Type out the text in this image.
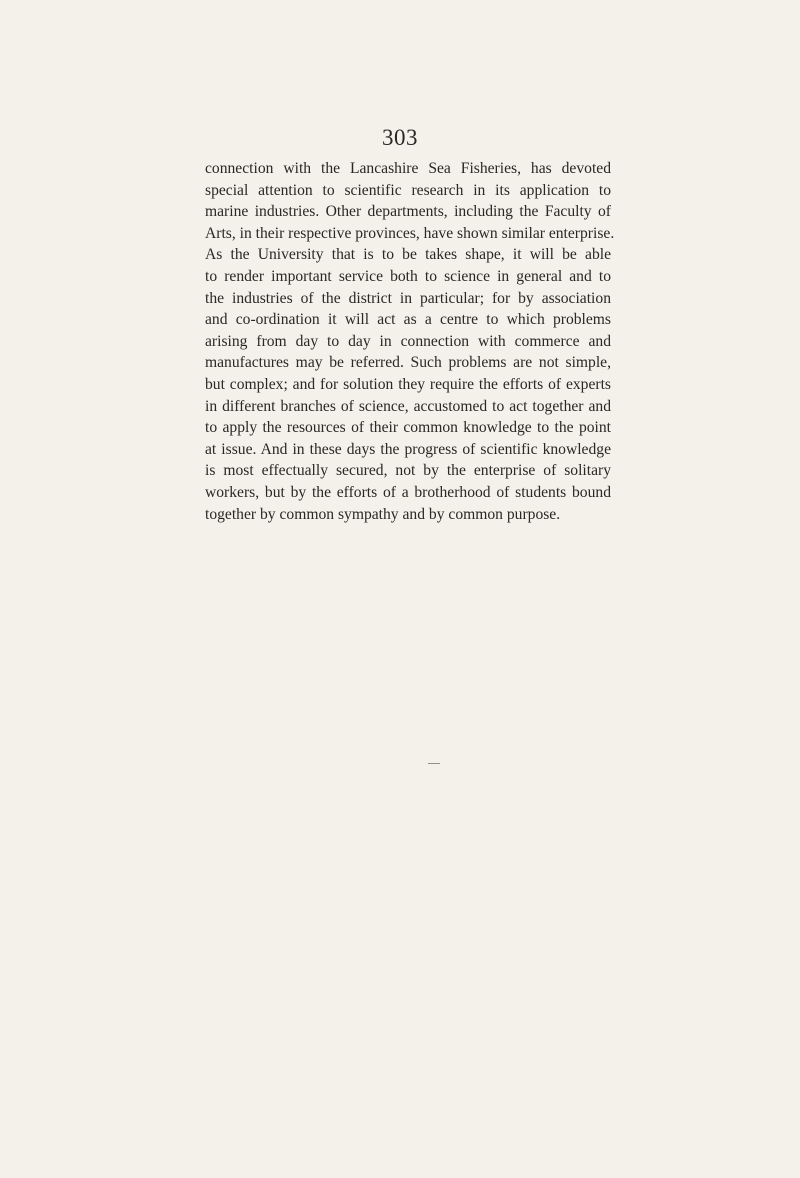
303
connection with the Lancashire Sea Fisheries, has devoted
special attention to scientific research in its application to
marine industries. Other departments, including the Faculty of
Arts, in their respective provinces, have shown similar enterprise.
As the University that is to be takes shape, it will be able
to render important service both to science in general and to
the industries of the district in particular; for by association
and co-ordination it will act as a centre to which problems
arising from day to day in connection with commerce and
manufactures may be referred. Such problems are not simple,
but complex; and for solution they require the efforts of experts
in different branches of science, accustomed to act together and
to apply the resources of their common knowledge to the point
at issue. And in these days the progress of scientific knowledge
is most effectually secured, not by the enterprise of solitary
workers, but by the efforts of a brotherhood of students bound
together by common sympathy and by common purpose.
